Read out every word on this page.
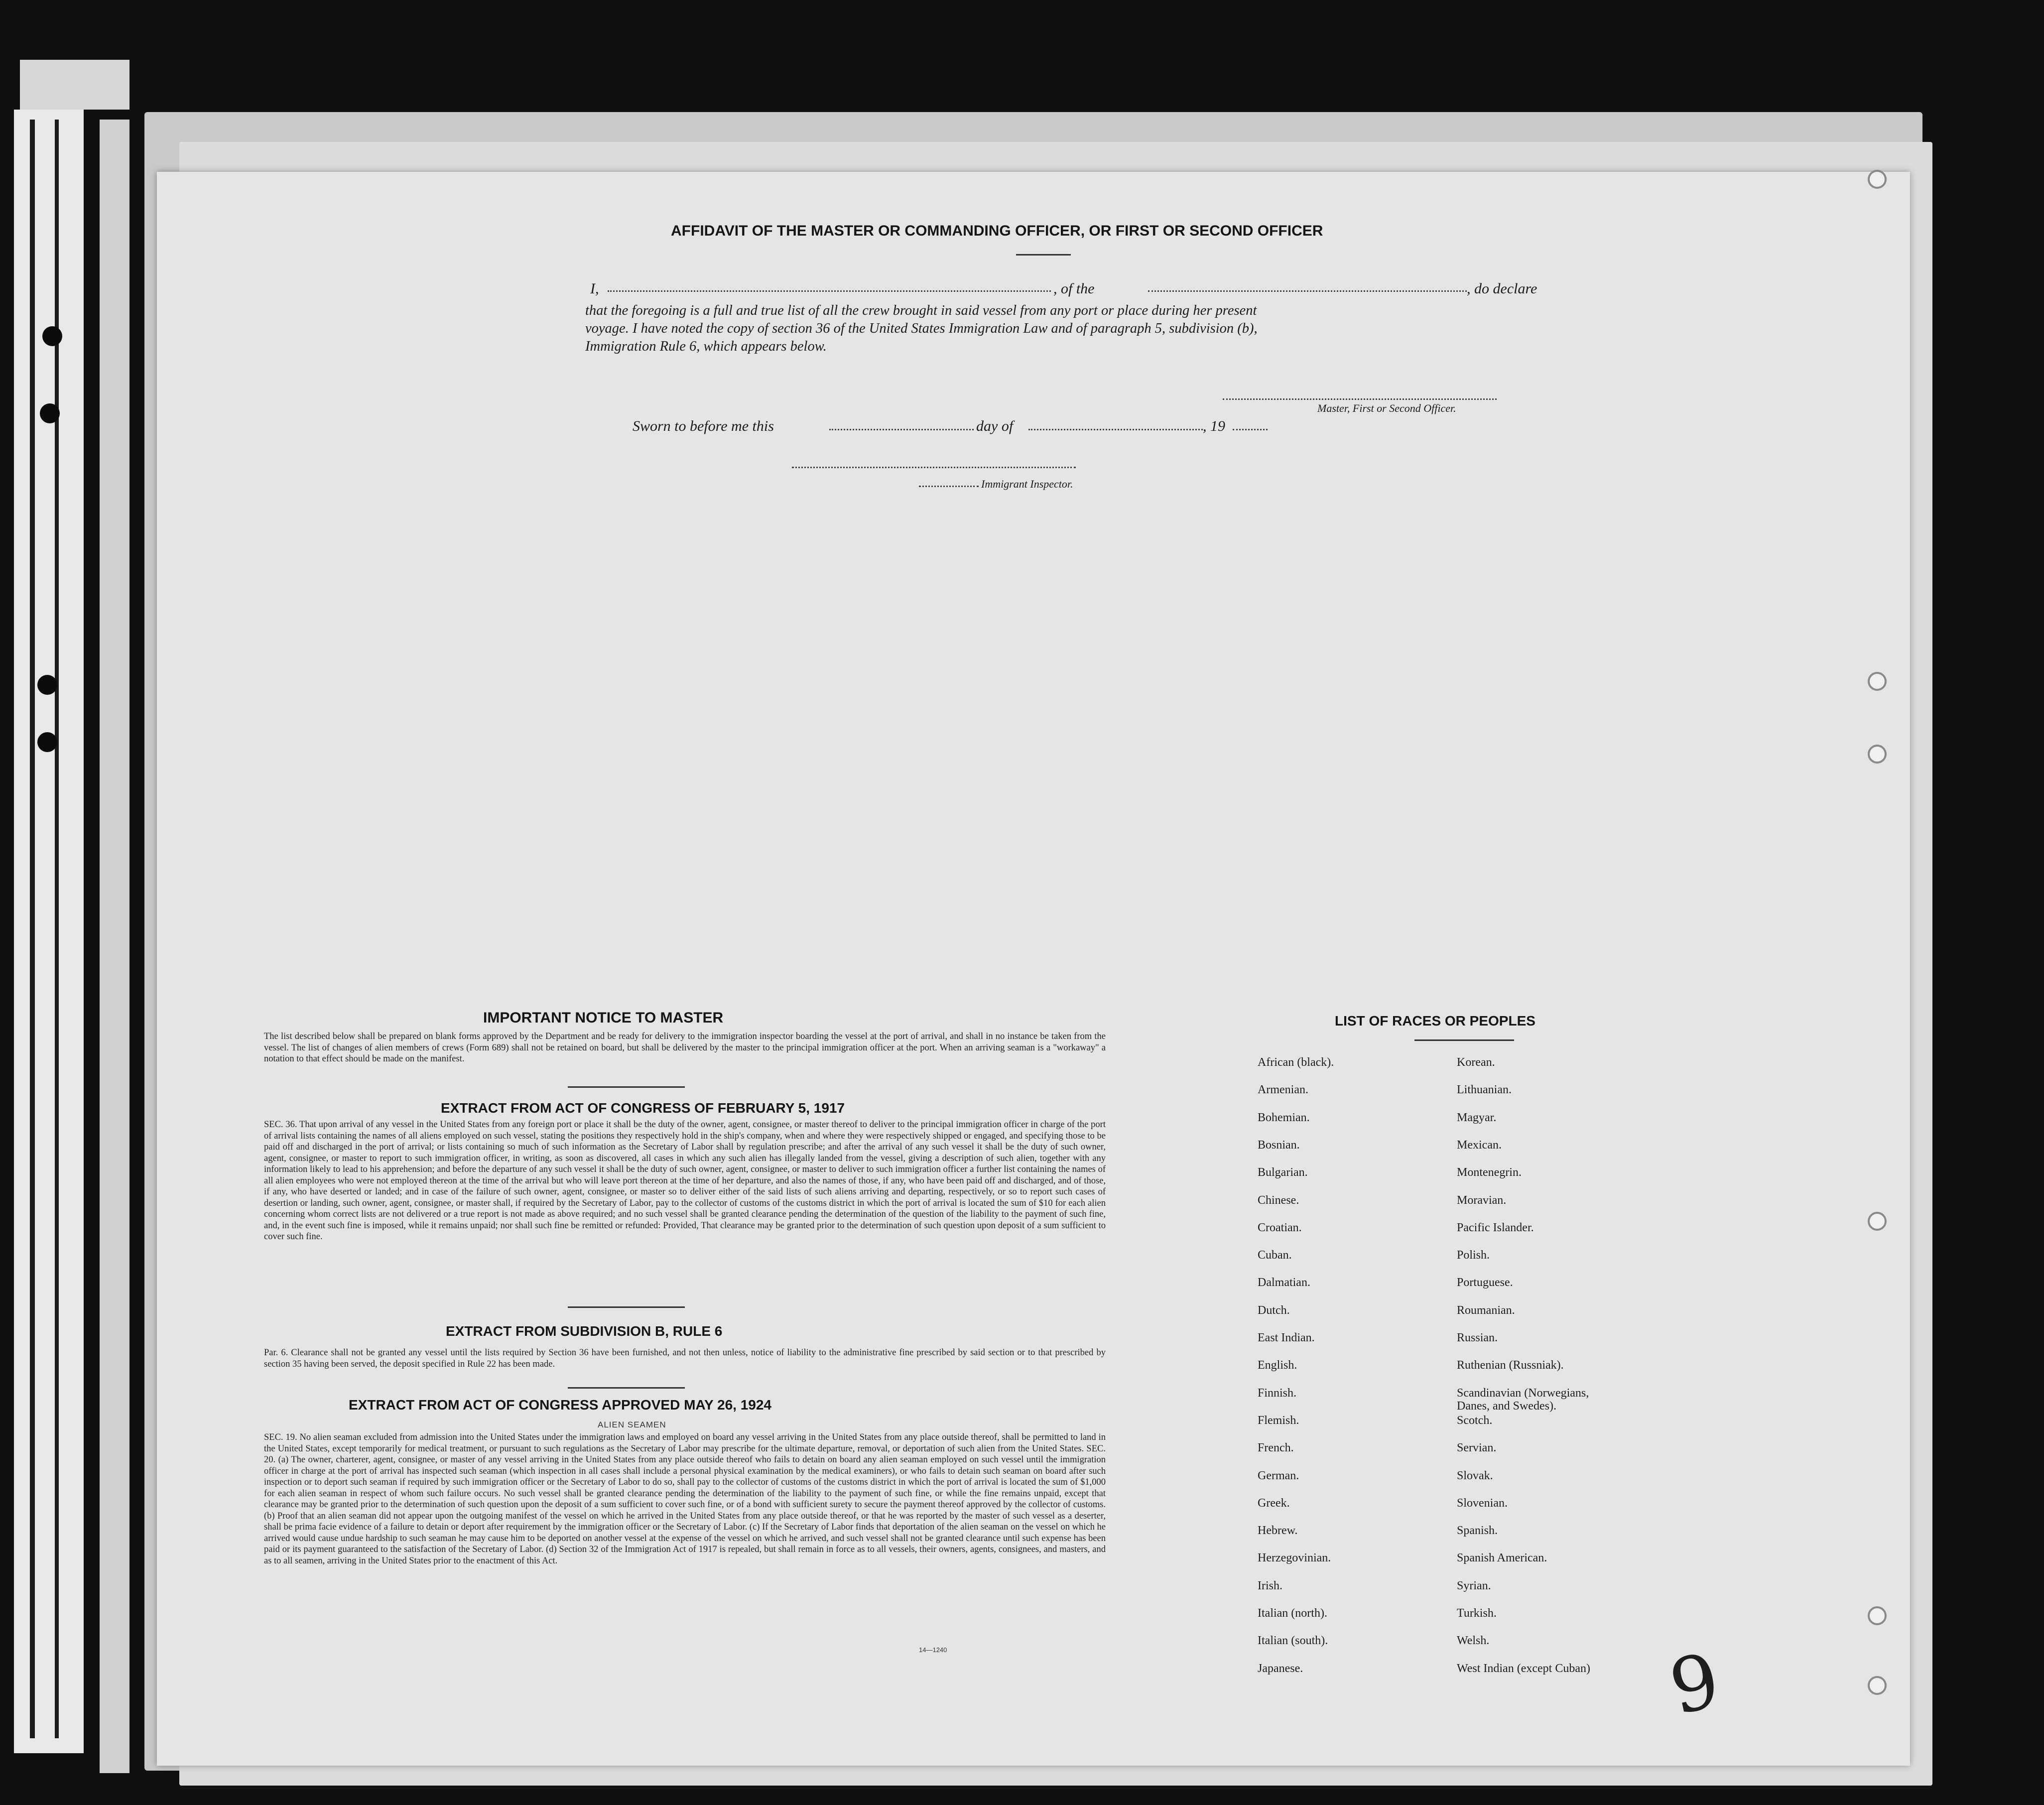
AFFIDAVIT OF THE MASTER OR COMMANDING OFFICER, OR FIRST OR SECOND OFFICER
I,	, of the	, do declare
that the foregoing is a full and true list of all the crew brought in said vessel from any port or place during her present
voyage. I have noted the copy of section 36 of the United States Immigration Law and of paragraph 5, subdivision (b),
Immigration Rule 6, which appears below.
Master, First or Second Officer.
Sworn to before me this	day of	, 19
Immigrant Inspector.
IMPORTANT NOTICE TO MASTER
The list described below shall be prepared on blank forms approved by the Department and be ready for delivery to the immigration inspector boarding the vessel at the port of arrival, and shall in no instance be taken from the vessel. The list of changes of alien members of crews (Form 689) shall not be retained on board, but shall be delivered by the master to the principal immigration officer at the port. When an arriving seaman is a "workaway" a notation to that effect should be made on the manifest.
EXTRACT FROM ACT OF CONGRESS OF FEBRUARY 5, 1917
SEC. 36. That upon arrival of any vessel in the United States from any foreign port or place it shall be the duty of the owner, agent, consignee, or master thereof to deliver to the principal immigration officer in charge of the port of arrival lists containing the names of all aliens employed on such vessel, stating the positions they respectively hold in the ship's company, when and where they were respectively shipped or engaged, and specifying those to be paid off and discharged in the port of arrival; or lists containing so much of such information as the Secretary of Labor shall by regulation prescribe; and after the arrival of any such vessel it shall be the duty of such owner, agent, consignee, or master to report to such immigration officer, in writing, as soon as discovered, all cases in which any such alien has illegally landed from the vessel, giving a description of such alien, together with any information likely to lead to his apprehension; and before the departure of any such vessel it shall be the duty of such owner, agent, consignee, or master to deliver to such immigration officer a further list containing the names of all alien employees who were not employed thereon at the time of the arrival but who will leave port thereon at the time of her departure, and also the names of those, if any, who have been paid off and discharged, and of those, if any, who have deserted or landed; and in case of the failure of such owner, agent, consignee, or master so to deliver either of the said lists of such aliens arriving and departing, respectively, or so to report such cases of desertion or landing, such owner, agent, consignee, or master shall, if required by the Secretary of Labor, pay to the collector of customs of the customs district in which the port of arrival is located the sum of $10 for each alien concerning whom correct lists are not delivered or a true report is not made as above required; and no such vessel shall be granted clearance pending the determination of the question of the liability to the payment of such fine, and, in the event such fine is imposed, while it remains unpaid; nor shall such fine be remitted or refunded: Provided, That clearance may be granted prior to the determination of such question upon deposit of a sum sufficient to cover such fine.
EXTRACT FROM SUBDIVISION B, RULE 6
Par. 6. Clearance shall not be granted any vessel until the lists required by Section 36 have been furnished, and not then unless, notice of liability to the administrative fine prescribed by said section or to that prescribed by section 35 having been served, the deposit specified in Rule 22 has been made.
EXTRACT FROM ACT OF CONGRESS APPROVED MAY 26, 1924
ALIEN SEAMEN
SEC. 19. No alien seaman excluded from admission into the United States under the immigration laws and employed on board any vessel arriving in the United States from any place outside thereof, shall be permitted to land in the United States, except temporarily for medical treatment, or pursuant to such regulations as the Secretary of Labor may prescribe for the ultimate departure, removal, or deportation of such alien from the United States. SEC. 20. (a) The owner, charterer, agent, consignee, or master of any vessel arriving in the United States from any place outside thereof who fails to detain on board any alien seaman employed on such vessel until the immigration officer in charge at the port of arrival has inspected such seaman (which inspection in all cases shall include a personal physical examination by the medical examiners), or who fails to detain such seaman on board after such inspection or to deport such seaman if required by such immigration officer or the Secretary of Labor to do so, shall pay to the collector of customs of the customs district in which the port of arrival is located the sum of $1,000 for each alien seaman in respect of whom such failure occurs. No such vessel shall be granted clearance pending the determination of the liability to the payment of such fine, or while the fine remains unpaid, except that clearance may be granted prior to the determination of such question upon the deposit of a sum sufficient to cover such fine, or of a bond with sufficient surety to secure the payment thereof approved by the collector of customs. (b) Proof that an alien seaman did not appear upon the outgoing manifest of the vessel on which he arrived in the United States from any place outside thereof, or that he was reported by the master of such vessel as a deserter, shall be prima facie evidence of a failure to detain or deport after requirement by the immigration officer or the Secretary of Labor. (c) If the Secretary of Labor finds that deportation of the alien seaman on the vessel on which he arrived would cause undue hardship to such seaman he may cause him to be deported on another vessel at the expense of the vessel on which he arrived, and such vessel shall not be granted clearance until such expense has been paid or its payment guaranteed to the satisfaction of the Secretary of Labor. (d) Section 32 of the Immigration Act of 1917 is repealed, but shall remain in force as to all vessels, their owners, agents, consignees, and masters, and as to all seamen, arriving in the United States prior to the enactment of this Act.
14—1240
LIST OF RACES OR PEOPLES
9
African (black).
Armenian.
Bohemian.
Bosnian.
Bulgarian.
Chinese.
Croatian.
Cuban.
Dalmatian.
Dutch.
East Indian.
English.
Finnish.
Flemish.
French.
German.
Greek.
Hebrew.
Herzegovinian.
Irish.
Italian (north).
Italian (south).
Japanese.
Korean.
Lithuanian.
Magyar.
Mexican.
Montenegrin.
Moravian.
Pacific Islander.
Polish.
Portuguese.
Roumanian.
Russian.
Ruthenian (Russniak).
Scandinavian (Norwegians,
Danes, and Swedes).
Scotch.
Servian.
Slovak.
Slovenian.
Spanish.
Spanish American.
Syrian.
Turkish.
Welsh.
West Indian (except Cuban)
